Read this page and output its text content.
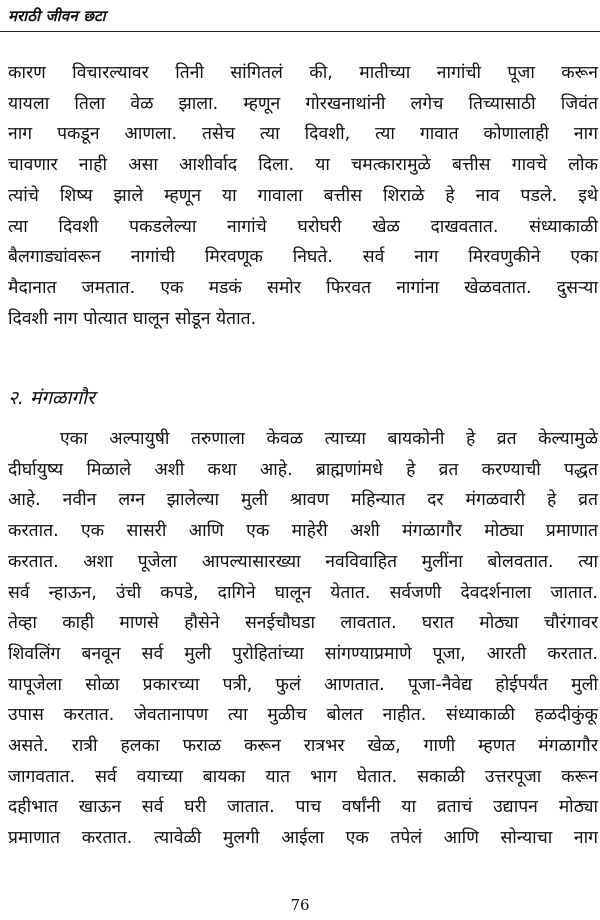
मराठी जीवन छटा
कारण विचारल्यावर तिनी सांगितलं की, मातीच्या नागांची पूजा करून
यायला तिला वेळ झाला. म्हणून गोरखनाथांनी लगेच तिच्यासाठी जिवंत
नाग पकडून आणला. तसेच त्या दिवशी, त्या गावात कोणालाही नाग
चावणार नाही असा आशीर्वाद दिला. या चमत्कारामुळे बत्तीस गावचे लोक
त्यांचे शिष्य झाले म्हणून या गावाला बत्तीस शिराळे हे नाव पडले. इथे
त्या दिवशी पकडलेल्या नागांचे घरोघरी खेळ दाखवतात. संध्याकाळी
बैलगाड्यांवरून नागांची मिरवणूक निघते. सर्व नाग मिरवणुकीने एका
मैदानात जमतात. एक मडकं समोर फिरवत नागांना खेळवतात. दुसऱ्या
दिवशी नाग पोत्यात घालून सोडून येतात.
२. मंगळागौर
एका अल्पायुषी तरुणाला केवळ त्याच्या बायकोनी हे व्रत केल्यामुळे
दीर्घायुष्य मिळाले अशी कथा आहे. ब्राह्मणांमधे हे व्रत करण्याची पद्धत
आहे. नवीन लग्न झालेल्या मुली श्रावण महिन्यात दर मंगळवारी हे व्रत
करतात. एक सासरी आणि एक माहेरी अशी मंगळागौर मोठ्या प्रमाणात
करतात. अशा पूजेला आपल्यासारख्या नवविवाहित मुलींना बोलवतात. त्या
सर्व न्हाऊन, उंची कपडे, दागिने घालून येतात. सर्वजणी देवदर्शनाला जातात.
तेव्हा काही माणसे हौसेने सनईचौघडा लावतात. घरात मोठ्या चौरंगावर
शिवलिंग बनवून सर्व मुली पुरोहितांच्या सांगण्याप्रमाणे पूजा, आरती करतात.
यापूजेला सोळा प्रकारच्या पत्री, फुलं आणतात. पूजा-नैवेद्य होईपर्यंत मुली
उपास करतात. जेवतानापण त्या मुळीच बोलत नाहीत. संध्याकाळी हळदीकुंकू
असते. रात्री हलका फराळ करून रात्रभर खेळ, गाणी म्हणत मंगळागौर
जागवतात. सर्व वयाच्या बायका यात भाग घेतात. सकाळी उत्तरपूजा करून
दहीभात खाऊन सर्व घरी जातात. पाच वर्षांनी या व्रताचं उद्यापन मोठ्या
प्रमाणात करतात. त्यावेळी मुलगी आईला एक तपेलं आणि सोन्याचा नाग
76
